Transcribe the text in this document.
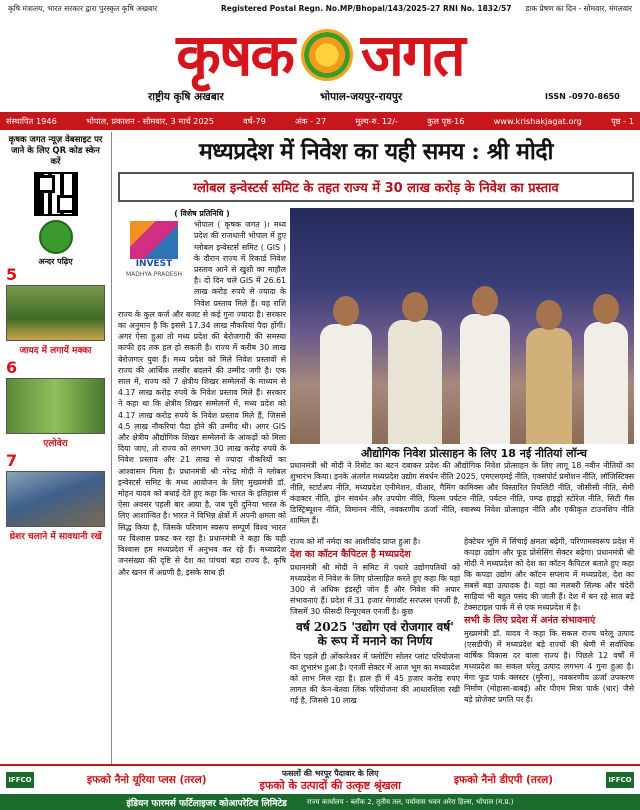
कृषि मंत्रालय, भारत सरकार द्वारा पुरस्कृत कृषि अखबार	Registered Postal Regn. No.MP/Bhopal/143/2025-27 RNI No. 1832/57 डाक प्रेषण का दिन - सोमवार, मंगलवार
कृषक जगत
राष्ट्रीय कृषि अखबार	भोपाल-जयपुर-रायपुर	ISSN -0970-8650
संस्थापित 1946	भोपाल, प्रकाशन - सोमवार, 3 मार्च 2025	वर्ष-79	अंक - 27	मूल्य-रु. 12/-	कुल पृष्ठ-16	www.krishakjagat.org	पृष्ठ - 1
कृषक जगत न्यूज़ वेबसाइट पर जाने के लिए QR कोड स्केन करें
अन्दर पढ़िए
5
जायद में लगायें मक्का
6
एलोवेरा
7
थ्रेशर चलाने में सावधानी रखें
मध्यप्रदेश में निवेश का यही समय : श्री मोदी
ग्लोबल इन्वेस्टर्स समिट के तहत राज्य में 30 लाख करोड़ के निवेश का प्रस्ताव
( विशेष प्रतिनिधि )
INVEST
MADHYA PRADESH
भोपाल ( कृषक जगत )। मध्य प्रदेश की राजधानी भोपाल में हुए ग्लोबल इन्वेस्टर्स समिट ( GIS ) के दौरान राज्य में रिकार्ड निवेश प्रस्ताव आने से खुशी का माहौल है। दो दिन चले GIS में 26.61 लाख करोड़ रुपये से ज्यादा के निवेश प्रस्ताव मिले हैं। यह राशि राज्य के कुल कर्ज और बजट से कई गुना ज्यादा है। सरकार का अनुमान है कि इससे 17.34 लाख नौकरियां पैदा होंगी। अगर ऐसा हुआ तो मध्य प्रदेश की बेरोजगारी की समस्या काफी हद तक हल हो सकती है। राज्य में करीब 30 लाख बेरोजगार युवा हैं। मध्य प्रदेश को मिले निवेश प्रस्तावों से राज्य की आर्थिक तस्वीर बदलने की उम्मीद जगी है। एक साल में, राज्य को 7 क्षेत्रीय शिखर सम्मेलनों के माध्यम से 4.17 लाख करोड़ रुपये के निवेश प्रस्ताव मिले हैं। सरकार ने कहा था कि क्षेत्रीय शिखर सम्मेलनों में, मध्य प्रदेश को 4.17 लाख करोड़ रुपये के निवेश प्रस्ताव मिले हैं, जिससे 4.5 लाख नौकरियां पैदा होने की उम्मीद थी। अगर GIS और क्षेत्रीय औद्योगिक शिखर सम्मेलनों के आंकड़ों को मिला दिया जाए, तो राज्य को लगभग 30 लाख करोड़ रुपये के निवेश प्रस्ताव और 21 लाख से ज्यादा नौकरियों का आश्वासन मिला है। प्रधानमंत्री श्री नरेन्द्र मोदी ने ग्लोबल इन्वेस्टर्स समिट के मध्य आयोजन के लिए मुख्यमंत्री डॉ. मोहन यादव को बधाई देते हुए कहा कि भारत के इतिहास में ऐसा अवसर पहली बार आया है, जब पूरी दुनिया भारत के लिए आशान्वित है। भारत ने विभिन्न क्षेत्रों में अपनी क्षमता को सिद्ध किया है, जिसके परिणाम स्वरूप सम्पूर्ण विश्व भारत पर विश्वास प्रकट कर रहा है। प्रधानमंत्री ने कहा कि यही विश्वास हम मध्यप्रदेश में अनुभव कर रहे हैं। मध्यप्रदेश जनसंख्या की दृष्टि से देश का पांचवां बड़ा राज्य है, कृषि और खनन में अग्रणी है, इसके साथ ही
औद्योगिक निवेश प्रोत्साहन के लिए 18 नई नीतियां लॉन्च
प्रधानमंत्री श्री मोदी ने रिमोट का बटन दबाकर प्रदेश की औद्योगिक निवेश प्रोत्साहन के लिए लागू 18 नवीन नीतियों का शुभारंभ किया। इनके अंतर्गत मध्यप्रदेश उद्योग संवर्धन नीति 2025, एमएसएमई नीति, एक्सपोर्ट प्रमोशन नीति, लॉजिस्टिक्स नीति, स्टार्टअप नीति, मध्यप्रदेश एनीमेशन, वीआर, गैमिंग कामिक्स और विस्तारित रियलिटी नीति, जीसीसी नीति, सेमी कंडक्टर नीति, ड्रोन संवर्धन और उपयोग नीति, फिल्म पर्यटन नीति, पर्यटन नीति, पम्प्ड हाइड्रो स्टोरेज नीति, सिटी गैस डिस्ट्रिब्यूशन नीति, विमानन नीति, नवकरणीय ऊर्जा नीति, स्वास्थ्य निवेश प्रोत्साहन नीति और एकीकृत टाउनशिप नीति शामिल हैं।
राज्य को माँ नर्मदा का आशीर्वाद प्राप्त हुआ है।
देश का कॉटन कैपिटल है मध्यप्रदेश
प्रधानमंत्री श्री मोदी ने समिट में पधारे उद्योगपतियों को मध्यप्रदेश में निवेश के लिए प्रोत्साहित करते हुए कहा कि यहां 300 से अधिक इंडस्ट्री जोन हैं और निवेश की अपार संभावनाएं हैं। प्रदेश में 31 हजार मेगावॉट सरप्लस एनर्जी है, जिसमें 30 फीसदी रिन्यूएबल एनर्जी है। कुछ
वर्ष 2025 'उद्योग एवं रोजगार वर्ष' के रूप में मनाने का निर्णय
दिन पहले ही ओंकारेश्वर में फ्लोटिंग सोलर प्लांट परियोजना का शुभारंभ हुआ है। एनर्जी सेक्टर में आज भूम का मध्यप्रदेश को लाभ मिल रहा है। हाल ही में 45 हजार करोड़ रुपए लागत की केन-बेतवा लिंक परियोजना की आधारशिला रखी गई है, जिससे 10 लाख
हेक्टेयर भूमि में सिंचाई क्षमता बढ़ेगी, परिणामस्वरूप प्रदेश में कपड़ा उद्योग और फूड प्रोसेसिंग सेक्टर बढ़ेगा। प्रधानमंत्री श्री मोदी ने मध्यप्रदेश को देश का कॉटन कैपिटल बताते हुए कहा कि कपड़ा उद्योग और कॉटन सप्लाय में मध्यप्रदेश, देश का सबसे बड़ा उत्पादक है। यहां का मलबरी सिल्क और चंदेरी साड़ियां भी बहुत पसंद की जाती हैं। देश में बन रहे सात बड़े टेक्सटाइल पार्क में से एक मध्यप्रदेश में है।
सभी के लिए प्रदेश में अनंत संभावनाएं
मुख्यमंत्री डॉ. यादव ने कहा कि सकल राज्य घरेलू उत्पाद (एसडीपी) में मध्यप्रदेश बड़े राज्यों की श्रेणी में सर्वाधिक वार्षिक विकास दर वाला राज्य है। पिछले 12 वर्षों में मध्यप्रदेश का सकल घरेलू उत्पाद लगभग 4 गुना हुआ है। मेगा फूड पार्क क्लस्टर (मुरैना), नवकरणीय ऊर्जा उपकरण निर्माण (मोहासा-बाबई) और पीएम मित्रा पार्क (धार) जैसे बड़े प्रोजेक्ट प्रगति पर हैं।
IFFCO	इफको नैनो यूरिया प्लस (तरल)
फसलों की भरपूर पैदावार के लिए
इफको के उत्पादों की उत्कृष्ट श्रृंखला	इफको नैनो डीएपी (तरल)	IFFCO
इंडियन फारमर्स फर्टिलाइजर कोआपरेटिव लिमिटेड	राज्य कार्यालय - ब्लॉक 2, तृतीय तल, पर्यावास भवन अरेरा हिल्स, भोपाल (म.प्र.)
